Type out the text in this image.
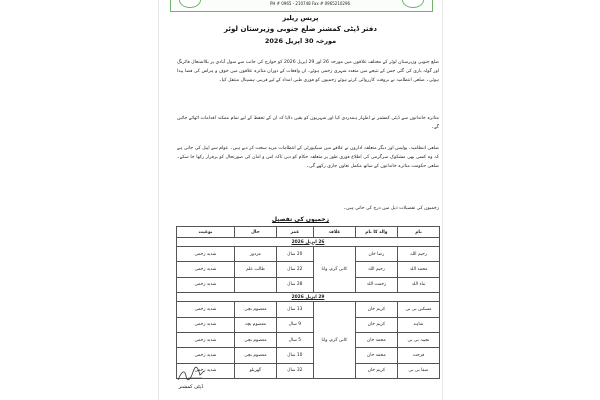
PH # 0965 - 210748 Fax # 0965210296
پریس ریلیز
دفتر ڈپٹی کمشنر ضلع جنوبی وزیرستان لوئر
مورخہ 30 اپریل 2026
ضلع جنوبی وزیرستان لوئر کے مختلف علاقوں میں مورخہ 26 اور 29 اپریل 2026 کو خوارج کی جانب سے سول آبادی پر بلااشتعال فائرنگ اور گولہ باری کی گئی جس کے نتیجے میں متعدد شہری زخمی ہوئے۔ ان واقعات کے دوران متاثرہ علاقوں میں خوف و ہراس کی فضا پیدا ہوئی۔ ضلعی انتظامیہ نے بروقت کارروائی کرتے ہوئے زخمیوں کو فوری طبی امداد کے لیے قریبی ہسپتال منتقل کیا۔
متاثرہ خاندانوں سے ڈپٹی کمشنر نے اظہار ہمدردی کیا اور شہریوں کو یقین دلایا کہ ان کے تحفظ کے لیے تمام ممکنہ اقدامات اٹھائے جائیں گے۔
ضلعی انتظامیہ، پولیس اور دیگر متعلقہ اداروں نے علاقے میں سیکیورٹی کے انتظامات مزید سخت کر دیے ہیں۔ عوام سے اپیل کی جاتی ہے کہ وہ کسی بھی مشکوک سرگرمی کی اطلاع فوری طور پر متعلقہ حکام کو دیں تاکہ امن و امان کی صورتحال کو برقرار رکھا جا سکے۔ ضلعی حکومت متاثرہ خاندانوں کے ساتھ مکمل تعاون جاری رکھے گی۔
زخمیوں کی تفصیلات ذیل میں درج کی جاتی ہیں۔
زخمیوں کی تفصیل
نام	والد کا نام	علاقہ	عمر	حال	نوعیت
26 اپریل 2026					
رحیم اللہ	رضا خان	کانی گرم، وانا	20 سال	مزدور	شدید زخمی
محمد اللہ	رحیم اللہ		22 سال	طالب علم	شدید زخمی
ثناء اللہ	رحمت اللہ		28 سال		شدید زخمی
29 اپریل 2026					
مسکین بی بی	کریم خان	کانی گرم، وانا	13 سال	معصوم بچی	شدید زخمی
شاہد	کریم خان		9 سال	معصوم بچہ	شدید زخمی
نجیبہ بی بی	محمد خان		5 سال	معصوم بچی	شدید زخمی
فرحت	محمد خان		10 سال	معصوم بچی	شدید زخمی
صفا بی بی	کریم خان		32 سال	گھریلو	شدید زخمی
ڈپٹی کمشنر
